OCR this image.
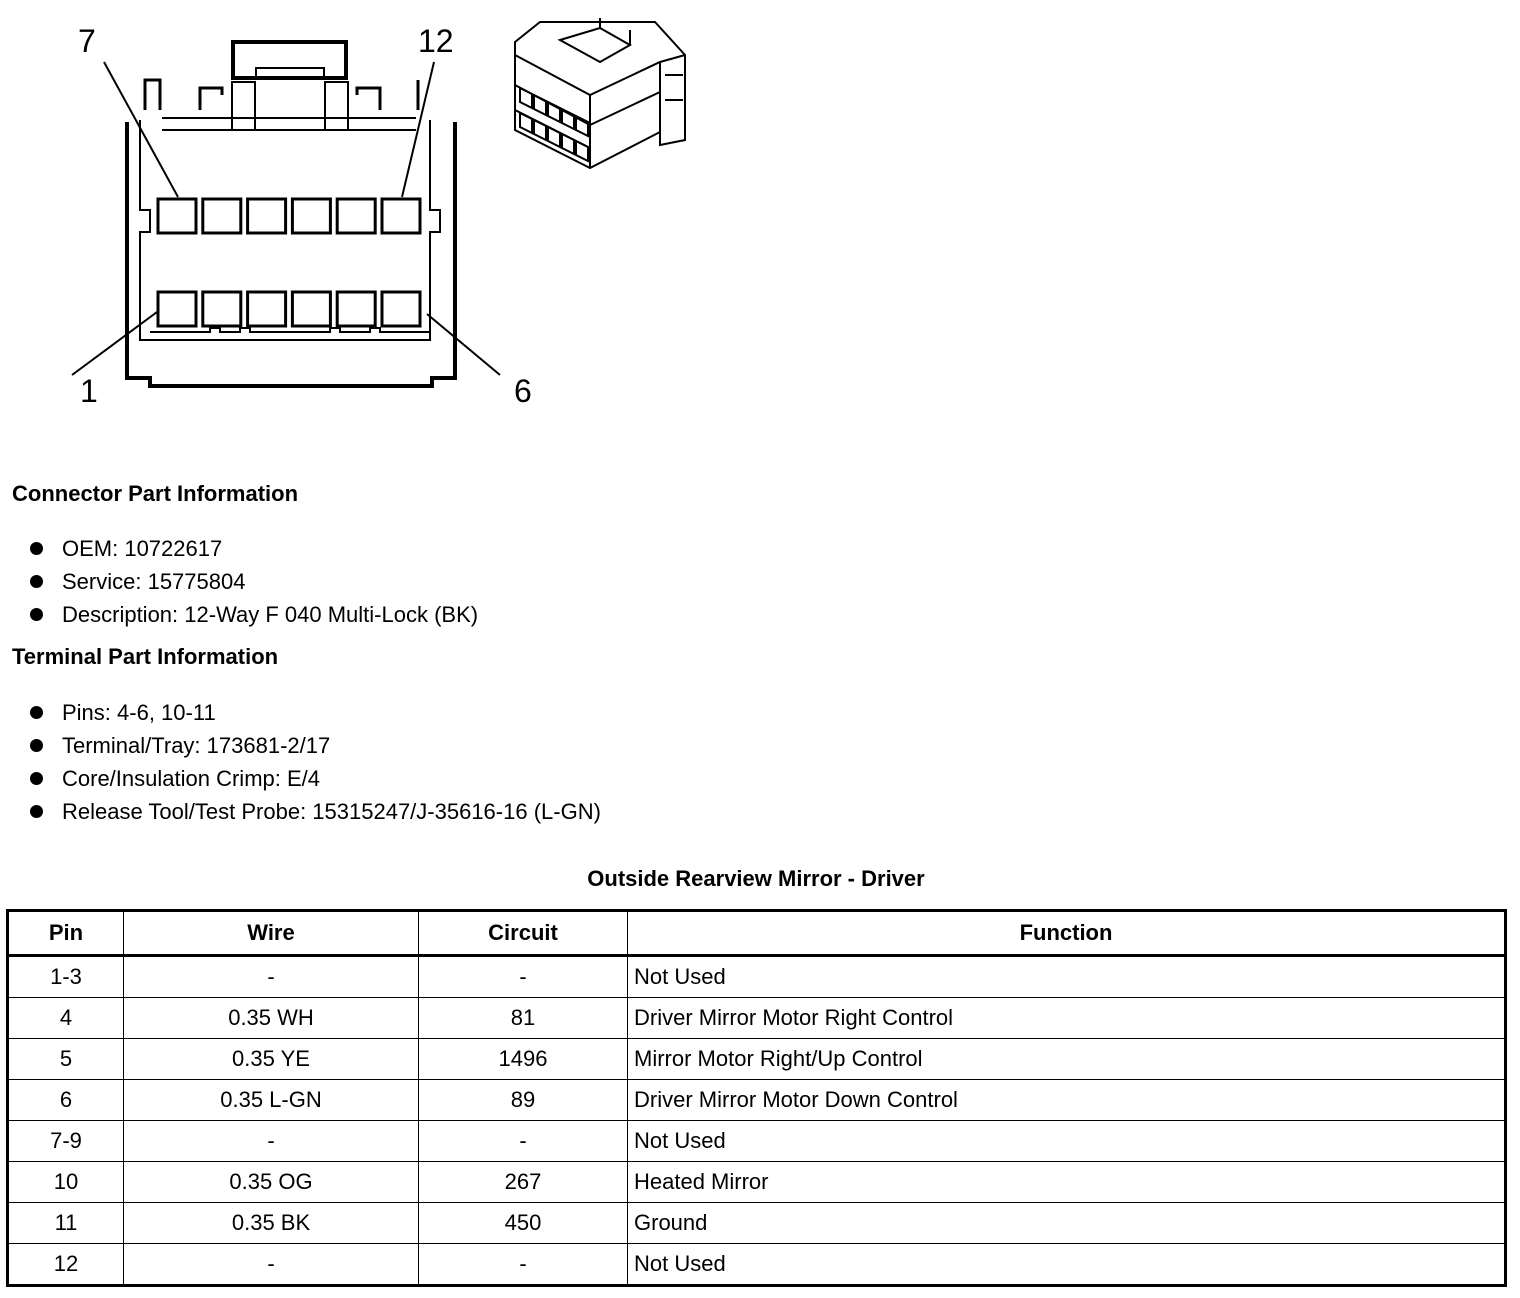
7	12
1	6
Connector Part Information
OEM: 10722617
Service: 15775804
Description: 12-Way F 040 Multi-Lock (BK)
Terminal Part Information
Pins: 4-6, 10-11
Terminal/Tray: 173681-2/17
Core/Insulation Crimp: E/4
Release Tool/Test Probe: 15315247/J-35616-16 (L-GN)
Outside Rearview Mirror - Driver
Pin	Wire	Circuit	Function
1-3	-	-	Not Used
4	0.35 WH	81	Driver Mirror Motor Right Control
5	0.35 YE	1496	Mirror Motor Right/Up Control
6	0.35 L-GN	89	Driver Mirror Motor Down Control
7-9	-	-	Not Used
10	0.35 OG	267	Heated Mirror
11	0.35 BK	450	Ground
12	-	-	Not Used
